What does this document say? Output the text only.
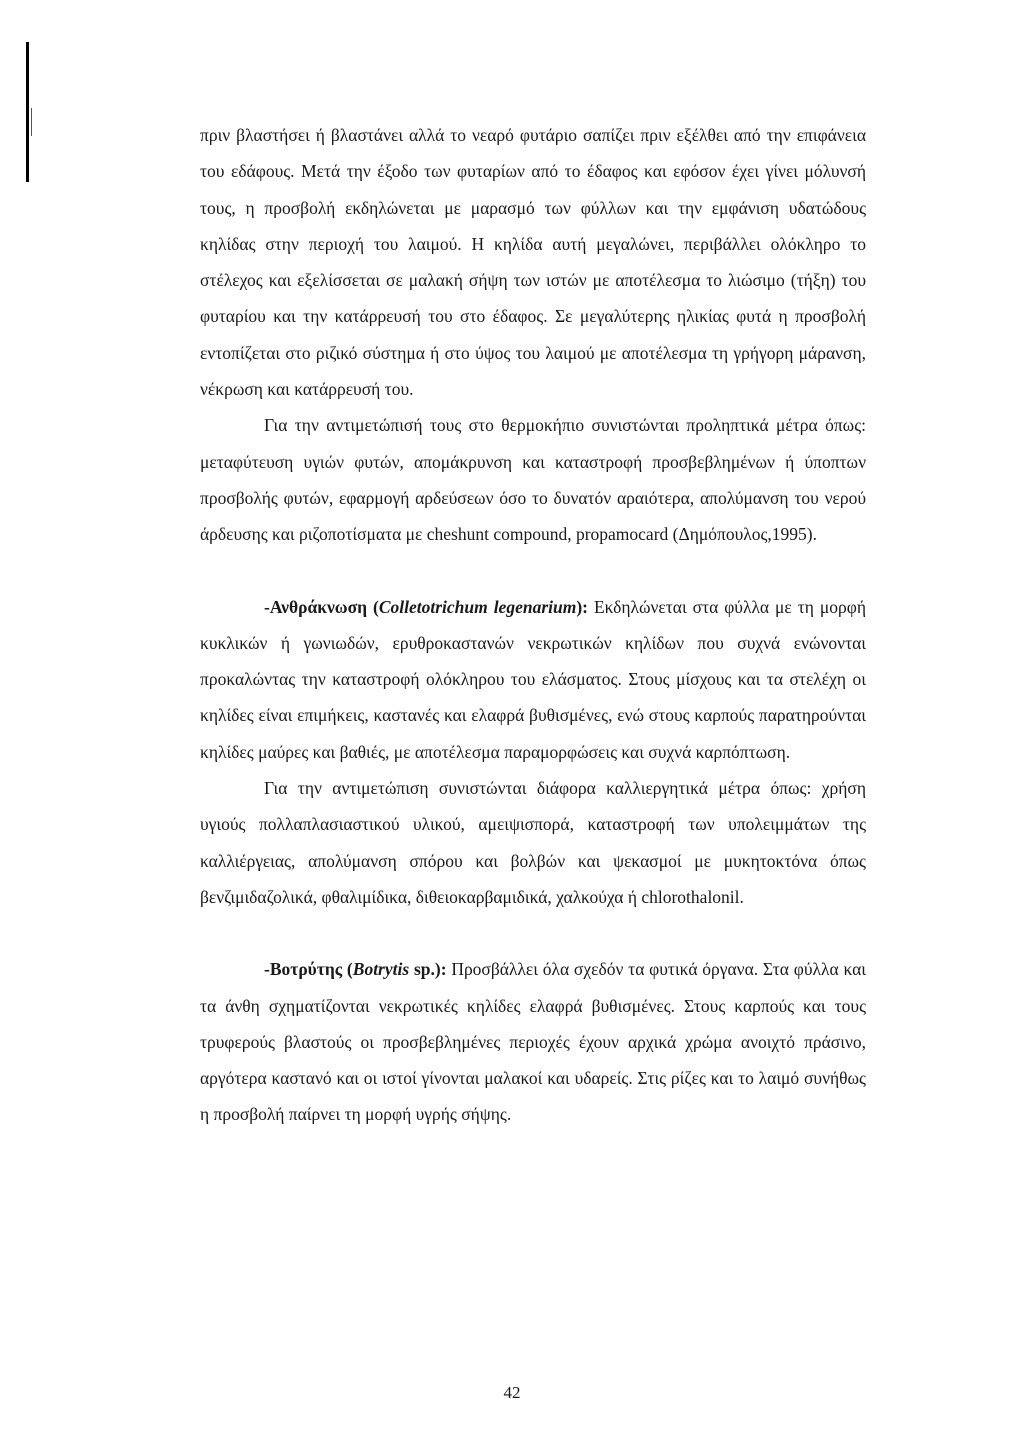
πριν βλαστήσει ή βλαστάνει αλλά το νεαρό φυτάριο σαπίζει πριν εξέλθει από την επιφάνεια του εδάφους. Μετά την έξοδο των φυταρίων από το έδαφος και εφόσον έχει γίνει μόλυνσή τους, η προσβολή εκδηλώνεται με μαρασμό των φύλλων και την εμφάνιση υδατώδους κηλίδας στην περιοχή του λαιμού. Η κηλίδα αυτή μεγαλώνει, περιβάλλει ολόκληρο το στέλεχος και εξελίσσεται σε μαλακή σήψη των ιστών με αποτέλεσμα το λιώσιμο (τήξη) του φυταρίου και την κατάρρευσή του στο έδαφος. Σε μεγαλύτερης ηλικίας φυτά η προσβολή εντοπίζεται στο ριζικό σύστημα ή στο ύψος του λαιμού με αποτέλεσμα τη γρήγορη μάρανση, νέκρωση και κατάρρευσή του.

Για την αντιμετώπισή τους στο θερμοκήπιο συνιστώνται προληπτικά μέτρα όπως: μεταφύτευση υγιών φυτών, απομάκρυνση και καταστροφή προσβεβλημένων ή ύποπτων προσβολής φυτών, εφαρμογή αρδεύσεων όσο το δυνατόν αραιότερα, απολύμανση του νερού άρδευσης και ριζοποτίσματα με cheshunt compound, propamocard (Δημόπουλος,1995).

-Ανθράκνωση (Colletotrichum legenarium): Εκδηλώνεται στα φύλλα με τη μορφή κυκλικών ή γωνιωδών, ερυθροκαστανών νεκρωτικών κηλίδων που συχνά ενώνονται προκαλώντας την καταστροφή ολόκληρου του ελάσματος. Στους μίσχους και τα στελέχη οι κηλίδες είναι επιμήκεις, καστανές και ελαφρά βυθισμένες, ενώ στους καρπούς παρατηρούνται κηλίδες μαύρες και βαθιές, με αποτέλεσμα παραμορφώσεις και συχνά καρπόπτωση.

Για την αντιμετώπιση συνιστώνται διάφορα καλλιεργητικά μέτρα όπως: χρήση υγιούς πολλαπλασιαστικού υλικού, αμειψισπορά, καταστροφή των υπολειμμάτων της καλλιέργειας, απολύμανση σπόρου και βολβών και ψεκασμοί με μυκητοκτόνα όπως βενζιμιδαζολικά, φθαλιμίδικα, διθειοκαρβαμιδικά, χαλκούχα ή chlorothalonil.

-Βοτρύτης (Botrytis sp.): Προσβάλλει όλα σχεδόν τα φυτικά όργανα. Στα φύλλα και τα άνθη σχηματίζονται νεκρωτικές κηλίδες ελαφρά βυθισμένες. Στους καρπούς και τους τρυφερούς βλαστούς οι προσβεβλημένες περιοχές έχουν αρχικά χρώμα ανοιχτό πράσινο, αργότερα καστανό και οι ιστοί γίνονται μαλακοί και υδαρείς. Στις ρίζες και το λαιμό συνήθως η προσβολή παίρνει τη μορφή υγρής σήψης.

42
